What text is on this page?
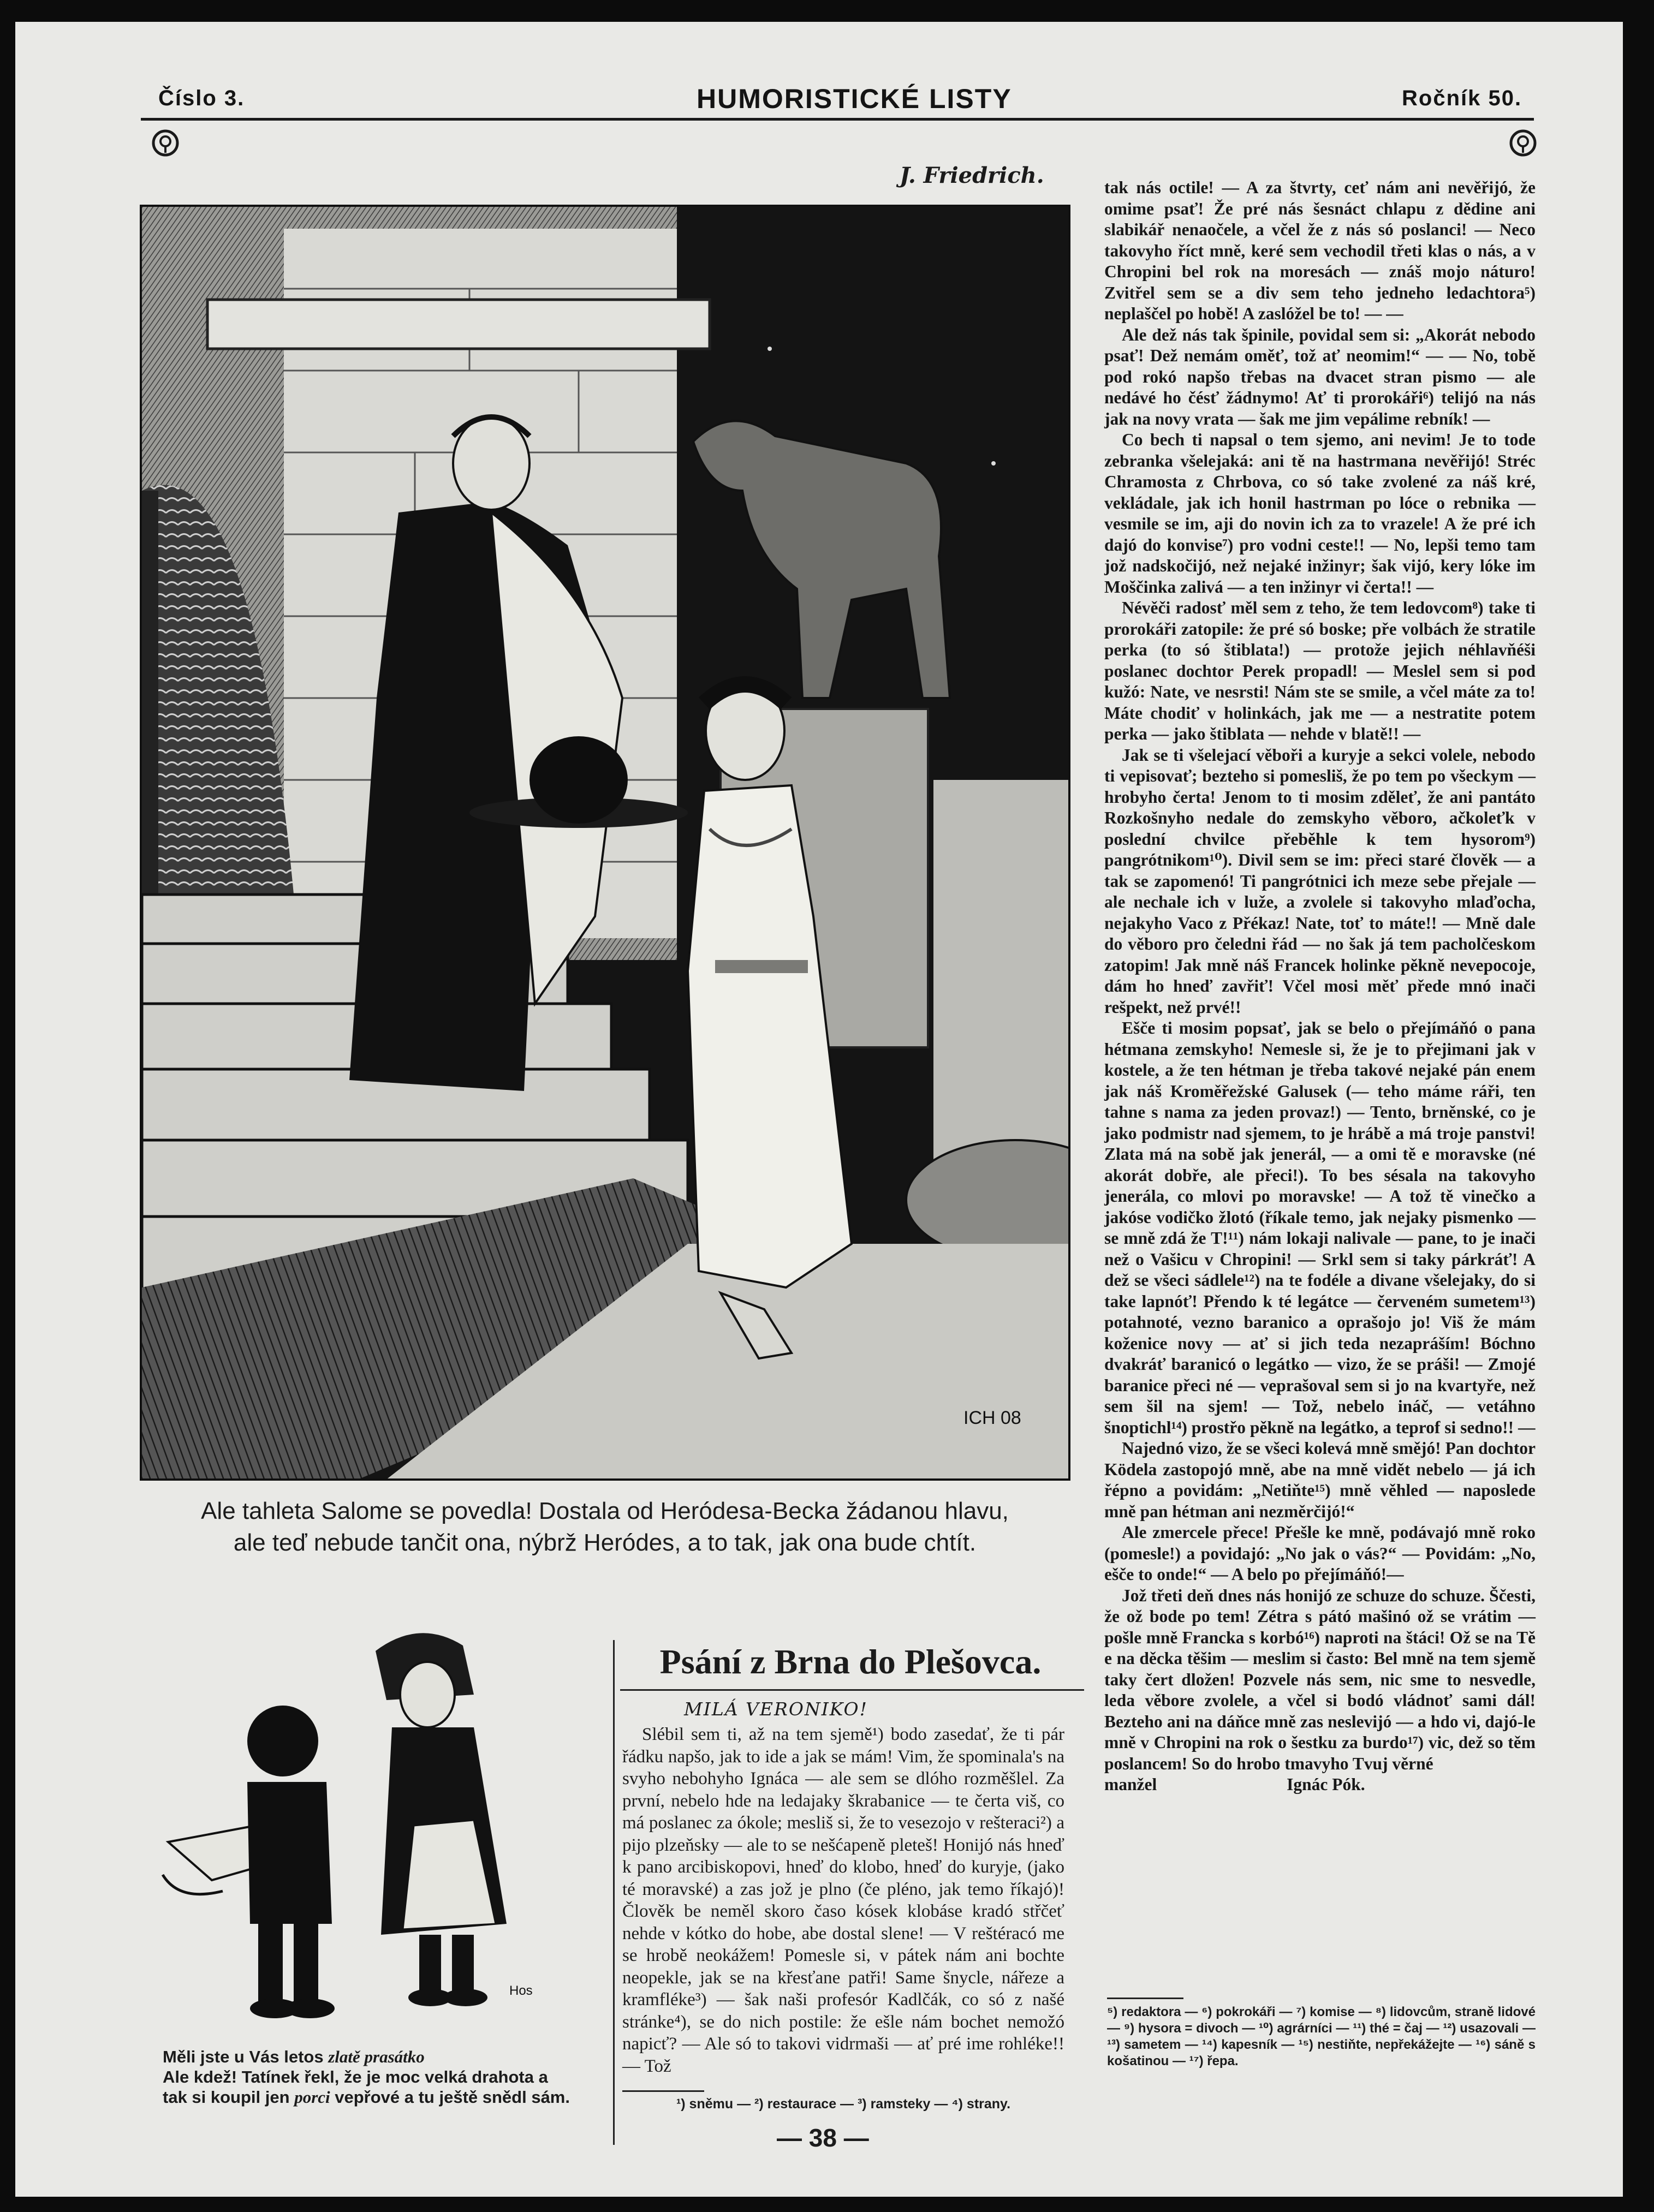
Číslo 3.	HUMORISTICKÉ LISTY	Ročník 50.
J. Friedrich.
ICH 08
Ale tahleta Salome se povedla! Dostala od Heródesa-Becka žádanou hlavu,
ale teď nebude tančit ona, nýbrž Heródes, a to tak, jak ona bude chtít.

tak nás octile! — A za štvrty, ceť nám ani nevěřijó, že omime psať! Že pré nás šesnáct chlapu z dědine ani slabikář nenaočele, a včel že z nás só poslanci! — Neco takovyho říct mně, keré sem vechodil třeti klas o nás, a v Chropini bel rok na moresách — znáš mojo náturo! Zvitřel sem se a div sem teho jedneho ledachtora⁵) neplaščel po hobě! A zaslóžel be to! — —

Ale dež nás tak špinile, povidal sem si: „Akorát nebodo psať! Dež nemám oměť, tož ať neomim!“ — — No, tobě pod rokó napšo třebas na dvacet stran pismo — ale nedávé ho čésť žádnymo! Ať ti prorokáři⁶) telijó na nás jak na novy vrata — šak me jim vepálime rebník! —

Co bech ti napsal o tem sjemo, ani nevim! Je to tode zebranka všelejaká: ani tě na hastrmana nevěřijó! Stréc Chramosta z Chrbova, co só take zvolené za náš kré, vekládale, jak ich honil hastrman po lóce o rebnika — vesmile se im, aji do novin ich za to vrazele! A že pré ich dajó do konvise⁷) pro vodni ceste!! — No, lepši temo tam jož nadskočijó, než nejaké inžinyr; šak vijó, kery lóke im Moščinka zalivá — a ten inžinyr vi čerta!! —

Névěči radosť měl sem z teho, že tem ledovcom⁸) take ti prorokáři zatopile: že pré só boske; pře volbách že stratile perka (to só štiblata!) — protože jejich néhlavňéši poslanec dochtor Perek propadl! — Meslel sem si pod kužó: Nate, ve nesrsti! Nám ste se smile, a včel máte za to! Máte chodiť v holinkách, jak me — a nestratite potem perka — jako štiblata — nehde v blatě!! —

Jak se ti všelejací věboři a kuryje a sekci volele, nebodo ti vepisovať; bezteho si pomesliš, že po tem po všeckym — hrobyho čerta! Jenom to ti mosim zděleť, že ani pantáto Rozkošnyho nedale do zemskyho věboro, ačkoleťk v poslední chvilce přeběhle k tem hysorom⁹) pangrótnikom¹⁰). Divil sem se im: přeci staré člověk — a tak se zapomenó! Ti pangrótnici ich meze sebe přejale — ale nechale ich v luže, a zvolele si takovyho mlaďocha, nejakyho Vaco z Přékaz! Nate, toť to máte!! — Mně dale do věboro pro čeledni řád — no šak já tem pacholčeskom zatopim! Jak mně náš Francek holinke pěkně nevepocoje, dám ho hneď zavřiť! Včel mosi měť přede mnó inači rešpekt, než prvé!!

Ešče ti mosim popsať, jak se belo o přejímáňó o pana hétmana zemskyho! Nemesle si, že je to přejimani jak v kostele, a že ten hétman je třeba takové nejaké pán enem jak náš Kroměřežské Galusek (— teho máme ráři, ten tahne s nama za jeden provaz!) — Tento, brněnské, co je jako podmistr nad sjemem, to je hrábě a má troje panstvi! Zlata má na sobě jak jenerál, — a omi tě e moravske (né akorát dobře, ale přeci!). To bes sésala na takovyho jenerála, co mlovi po moravske! — A tož tě vinečko a jakóse vodičko žlotó (říkale temo, jak nejaky pismenko — se mně zdá že T!¹¹) nám lokaji nalivale — pane, to je inači než o Vašicu v Chropini! — Srkl sem si taky párkráť! A dež se všeci sádlele¹²) na te fodéle a divane všelejaky, do si take lapnóť! Přendo k té legátce — červeném sumetem¹³) potahnoté, vezno baranico a oprašojo jo! Viš že mám koženice novy — ať si jich teda nezapráším! Bóchno dvakráť baranicó o legátko — vizo, že se práši! — Zmojé baranice přeci né — veprašoval sem si jo na kvartyře, než sem šil na sjem! — Tož, nebelo ináč, — vetáhno šnoptichl¹⁴) prostřo pěkně na legátko, a teprof si sedno!! —

Najednó vizo, že se všeci kolevá mně smějó! Pan dochtor Ködela zastopojó mně, abe na mně vidět nebelo — já ich řépno a povidám: „Netiňte¹⁵) mně věhled — naposlede mně pan hétman ani nezměrčijó!“

Ale zmercele přece! Přešle ke mně, podávajó mně roko (pomesle!) a povidajó: „No jak o vás?“ — Povidám: „No, ešče to onde!“ — A belo po přejímáňó!—

Jož třeti deň dnes nás honijó ze schuze do schuze. Ščesti, že ož bode po tem! Zétra s pátó mašinó ož se vrátim — pošle mně Francka s korbó¹⁶) naproti na štáci! Ož se na Tě e na děcka těšim — meslim si často: Bel mně na tem sjemě taky čert dložen! Pozvele nás sem, nic sme to nesvedle, leda věbore zvolele, a včel si bodó vládnoť sami dál! Bezteho ani na dáňce mně zas neslevijó — a hdo vi, dajó-le mně v Chropini na rok o šestku za burdo¹⁷) vic, dež so těm poslancem! So do hrobo tmavyho Tvuj věrné

manžel	Ignác Pók.

⁵) redaktora — ⁶) pokrokáři — ⁷) komise — ⁸) lidovcům, straně lidové — ⁹) hysora = divoch — ¹⁰) agrárníci — ¹¹) thé = čaj — ¹²) usazovali — ¹³) sametem — ¹⁴) kapesník — ¹⁵) nestiňte, nepřekážejte — ¹⁶) sáně s košatinou — ¹⁷) řepa.
Hos
Měli jste u Vás letos zlatě prasátko
Ale kdež! Tatínek řekl, že je moc velká drahota a
tak si koupil jen porci vepřové a tu ještě snědl sám.
Psání z Brna do Plešovca.
MILÁ VERONIKO!

Slébil sem ti, až na tem sjemě¹) bodo zasedať, že ti pár řádku napšo, jak to ide a jak se mám! Vim, že spominala's na svyho nebohyho Ignáca — ale sem se dlóho rozměšlel. Za první, nebelo hde na ledajaky škrabanice — te čerta viš, co má poslanec za ókole; mesliš si, že to vesezojo v rešteraci²) a pijo plzeňsky — ale to se nešćapeně pleteš! Honijó nás hneď k pano arcibiskopovi, hneď do klobo, hneď do kuryje, (jako té moravské) a zas jož je plno (če pléno, jak temo říkajó)! Člověk be neměl skoro časo kósek klobáse kradó střčeť nehde v kótko do hobe, abe dostal slene! — V reštéracó me se hrobě neokážem! Pomesle si, v pátek nám ani bochte neopekle, jak se na křesťane patři! Same šnycle, nářeze a kramfléke³) — šak naši profesór Kadlčák, co só z našé stránke⁴), se do nich postile: že ešle nám bochet nemožó napicť? — Ale só to takovi vidrmaši — ať pré ime rohléke!! — Tož

¹) sněmu — ²) restaurace — ³) ramsteky — ⁴) strany.
— 38 —
